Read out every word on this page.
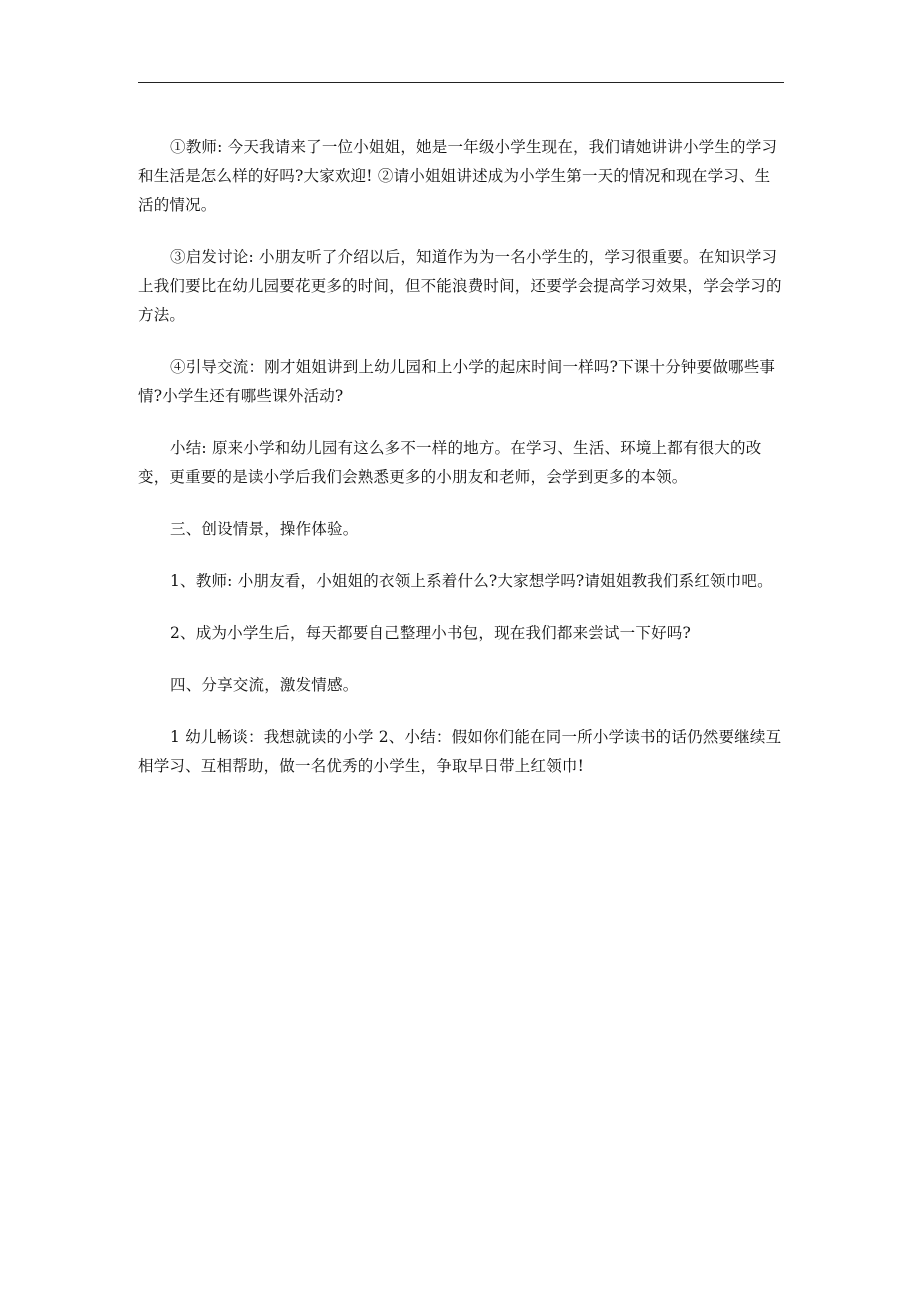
①教师: 今天我请来了一位小姐姐，她是一年级小学生现在，我们请她讲讲小学生的学习和生活是怎么样的好吗?大家欢迎! ②请小姐姐讲述成为小学生第一天的情况和现在学习、生活的情况。

③启发讨论: 小朋友听了介绍以后，知道作为为一名小学生的，学习很重要。在知识学习上我们要比在幼儿园要花更多的时间，但不能浪费时间，还要学会提高学习效果，学会学习的方法。

④引导交流：刚才姐姐讲到上幼儿园和上小学的起床时间一样吗?下课十分钟要做哪些事情?小学生还有哪些课外活动?

小结: 原来小学和幼儿园有这么多不一样的地方。在学习、生活、环境上都有很大的改变，更重要的是读小学后我们会熟悉更多的小朋友和老师，会学到更多的本领。

三、创设情景，操作体验。

1、教师: 小朋友看，小姐姐的衣领上系着什么?大家想学吗?请姐姐教我们系红领巾吧。

2、成为小学生后，每天都要自己整理小书包，现在我们都来尝试一下好吗?

四、分享交流，激发情感。

1 幼儿畅谈：我想就读的小学 2、小结：假如你们能在同一所小学读书的话仍然要继续互相学习、互相帮助，做一名优秀的小学生，争取早日带上红领巾!
